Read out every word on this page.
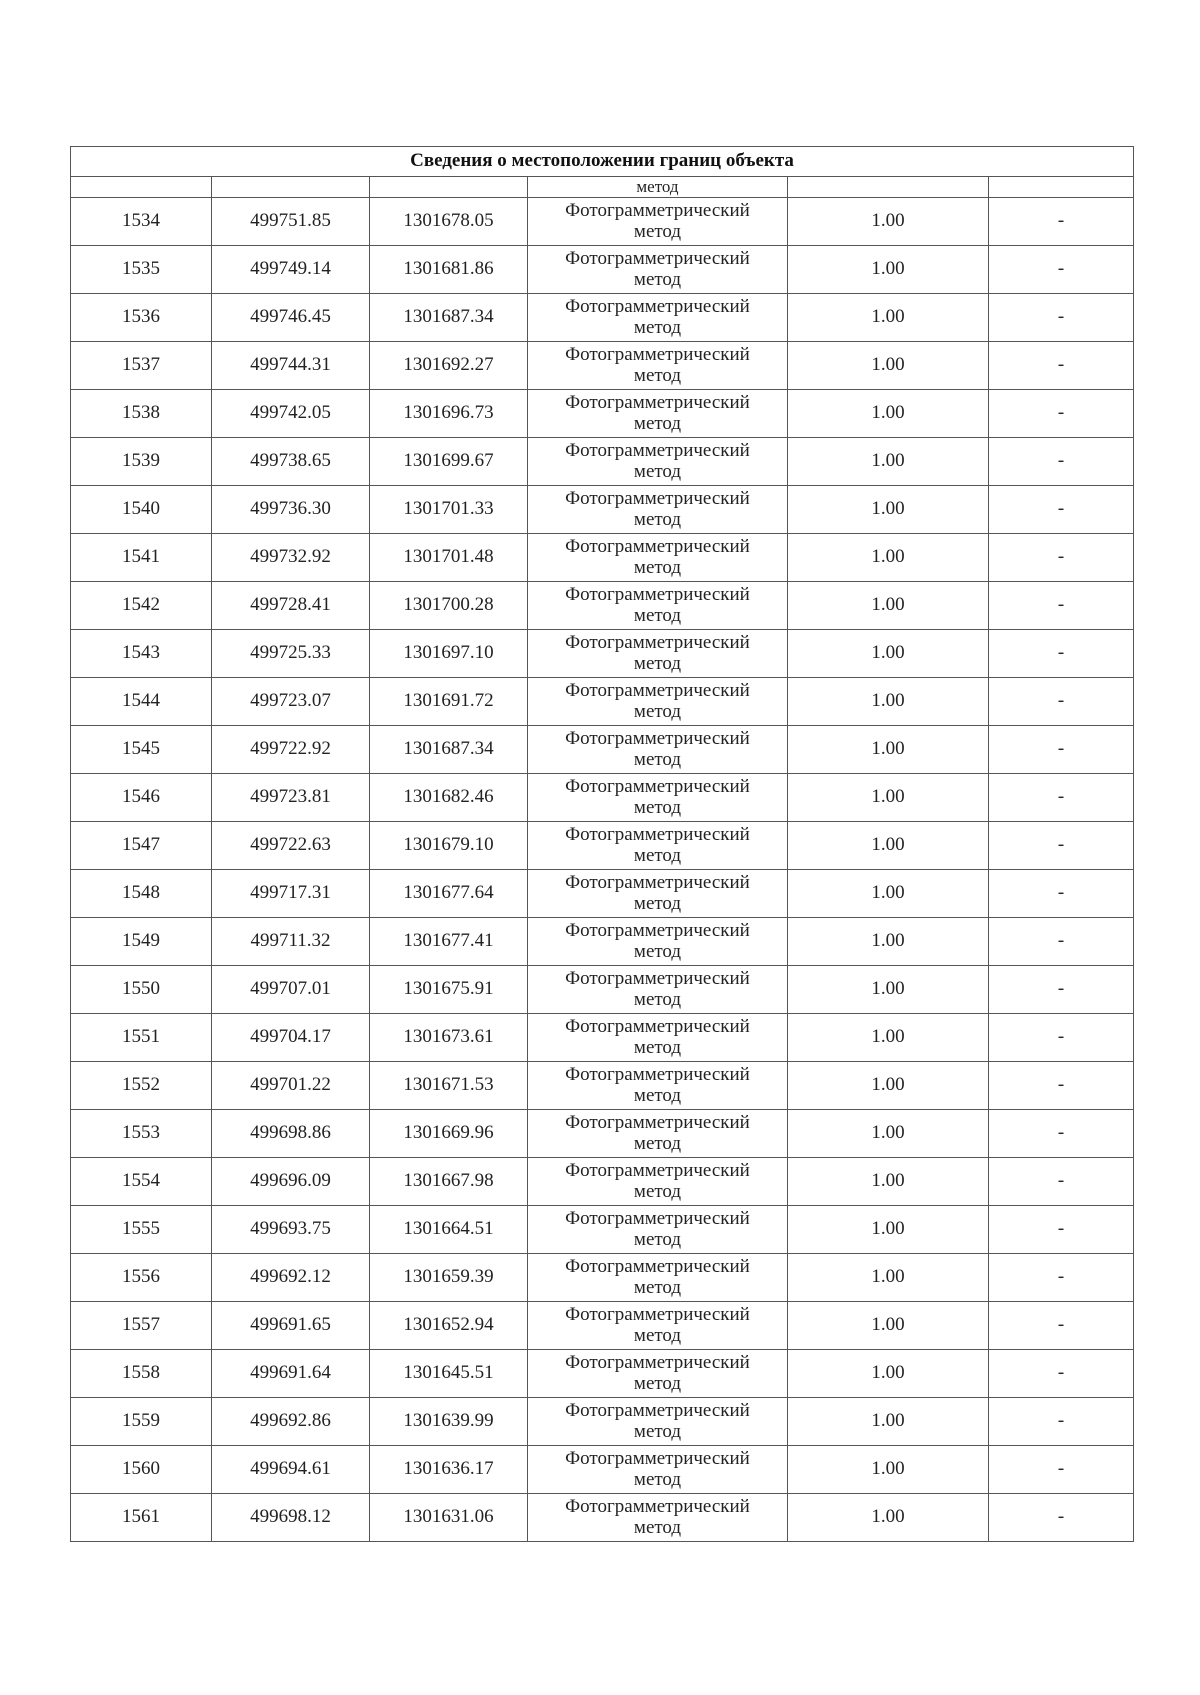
Сведения о местоположении границ объекта					
			метод		
1534	499751.85	1301678.05	Фотограмметрический
метод	1.00	-
1535	499749.14	1301681.86	Фотограмметрический
метод	1.00	-
1536	499746.45	1301687.34	Фотограмметрический
метод	1.00	-
1537	499744.31	1301692.27	Фотограмметрический
метод	1.00	-
1538	499742.05	1301696.73	Фотограмметрический
метод	1.00	-
1539	499738.65	1301699.67	Фотограмметрический
метод	1.00	-
1540	499736.30	1301701.33	Фотограмметрический
метод	1.00	-
1541	499732.92	1301701.48	Фотограмметрический
метод	1.00	-
1542	499728.41	1301700.28	Фотограмметрический
метод	1.00	-
1543	499725.33	1301697.10	Фотограмметрический
метод	1.00	-
1544	499723.07	1301691.72	Фотограмметрический
метод	1.00	-
1545	499722.92	1301687.34	Фотограмметрический
метод	1.00	-
1546	499723.81	1301682.46	Фотограмметрический
метод	1.00	-
1547	499722.63	1301679.10	Фотограмметрический
метод	1.00	-
1548	499717.31	1301677.64	Фотограмметрический
метод	1.00	-
1549	499711.32	1301677.41	Фотограмметрический
метод	1.00	-
1550	499707.01	1301675.91	Фотограмметрический
метод	1.00	-
1551	499704.17	1301673.61	Фотограмметрический
метод	1.00	-
1552	499701.22	1301671.53	Фотограмметрический
метод	1.00	-
1553	499698.86	1301669.96	Фотограмметрический
метод	1.00	-
1554	499696.09	1301667.98	Фотограмметрический
метод	1.00	-
1555	499693.75	1301664.51	Фотограмметрический
метод	1.00	-
1556	499692.12	1301659.39	Фотограмметрический
метод	1.00	-
1557	499691.65	1301652.94	Фотограмметрический
метод	1.00	-
1558	499691.64	1301645.51	Фотограмметрический
метод	1.00	-
1559	499692.86	1301639.99	Фотограмметрический
метод	1.00	-
1560	499694.61	1301636.17	Фотограмметрический
метод	1.00	-
1561	499698.12	1301631.06	Фотограмметрический
метод	1.00	-
